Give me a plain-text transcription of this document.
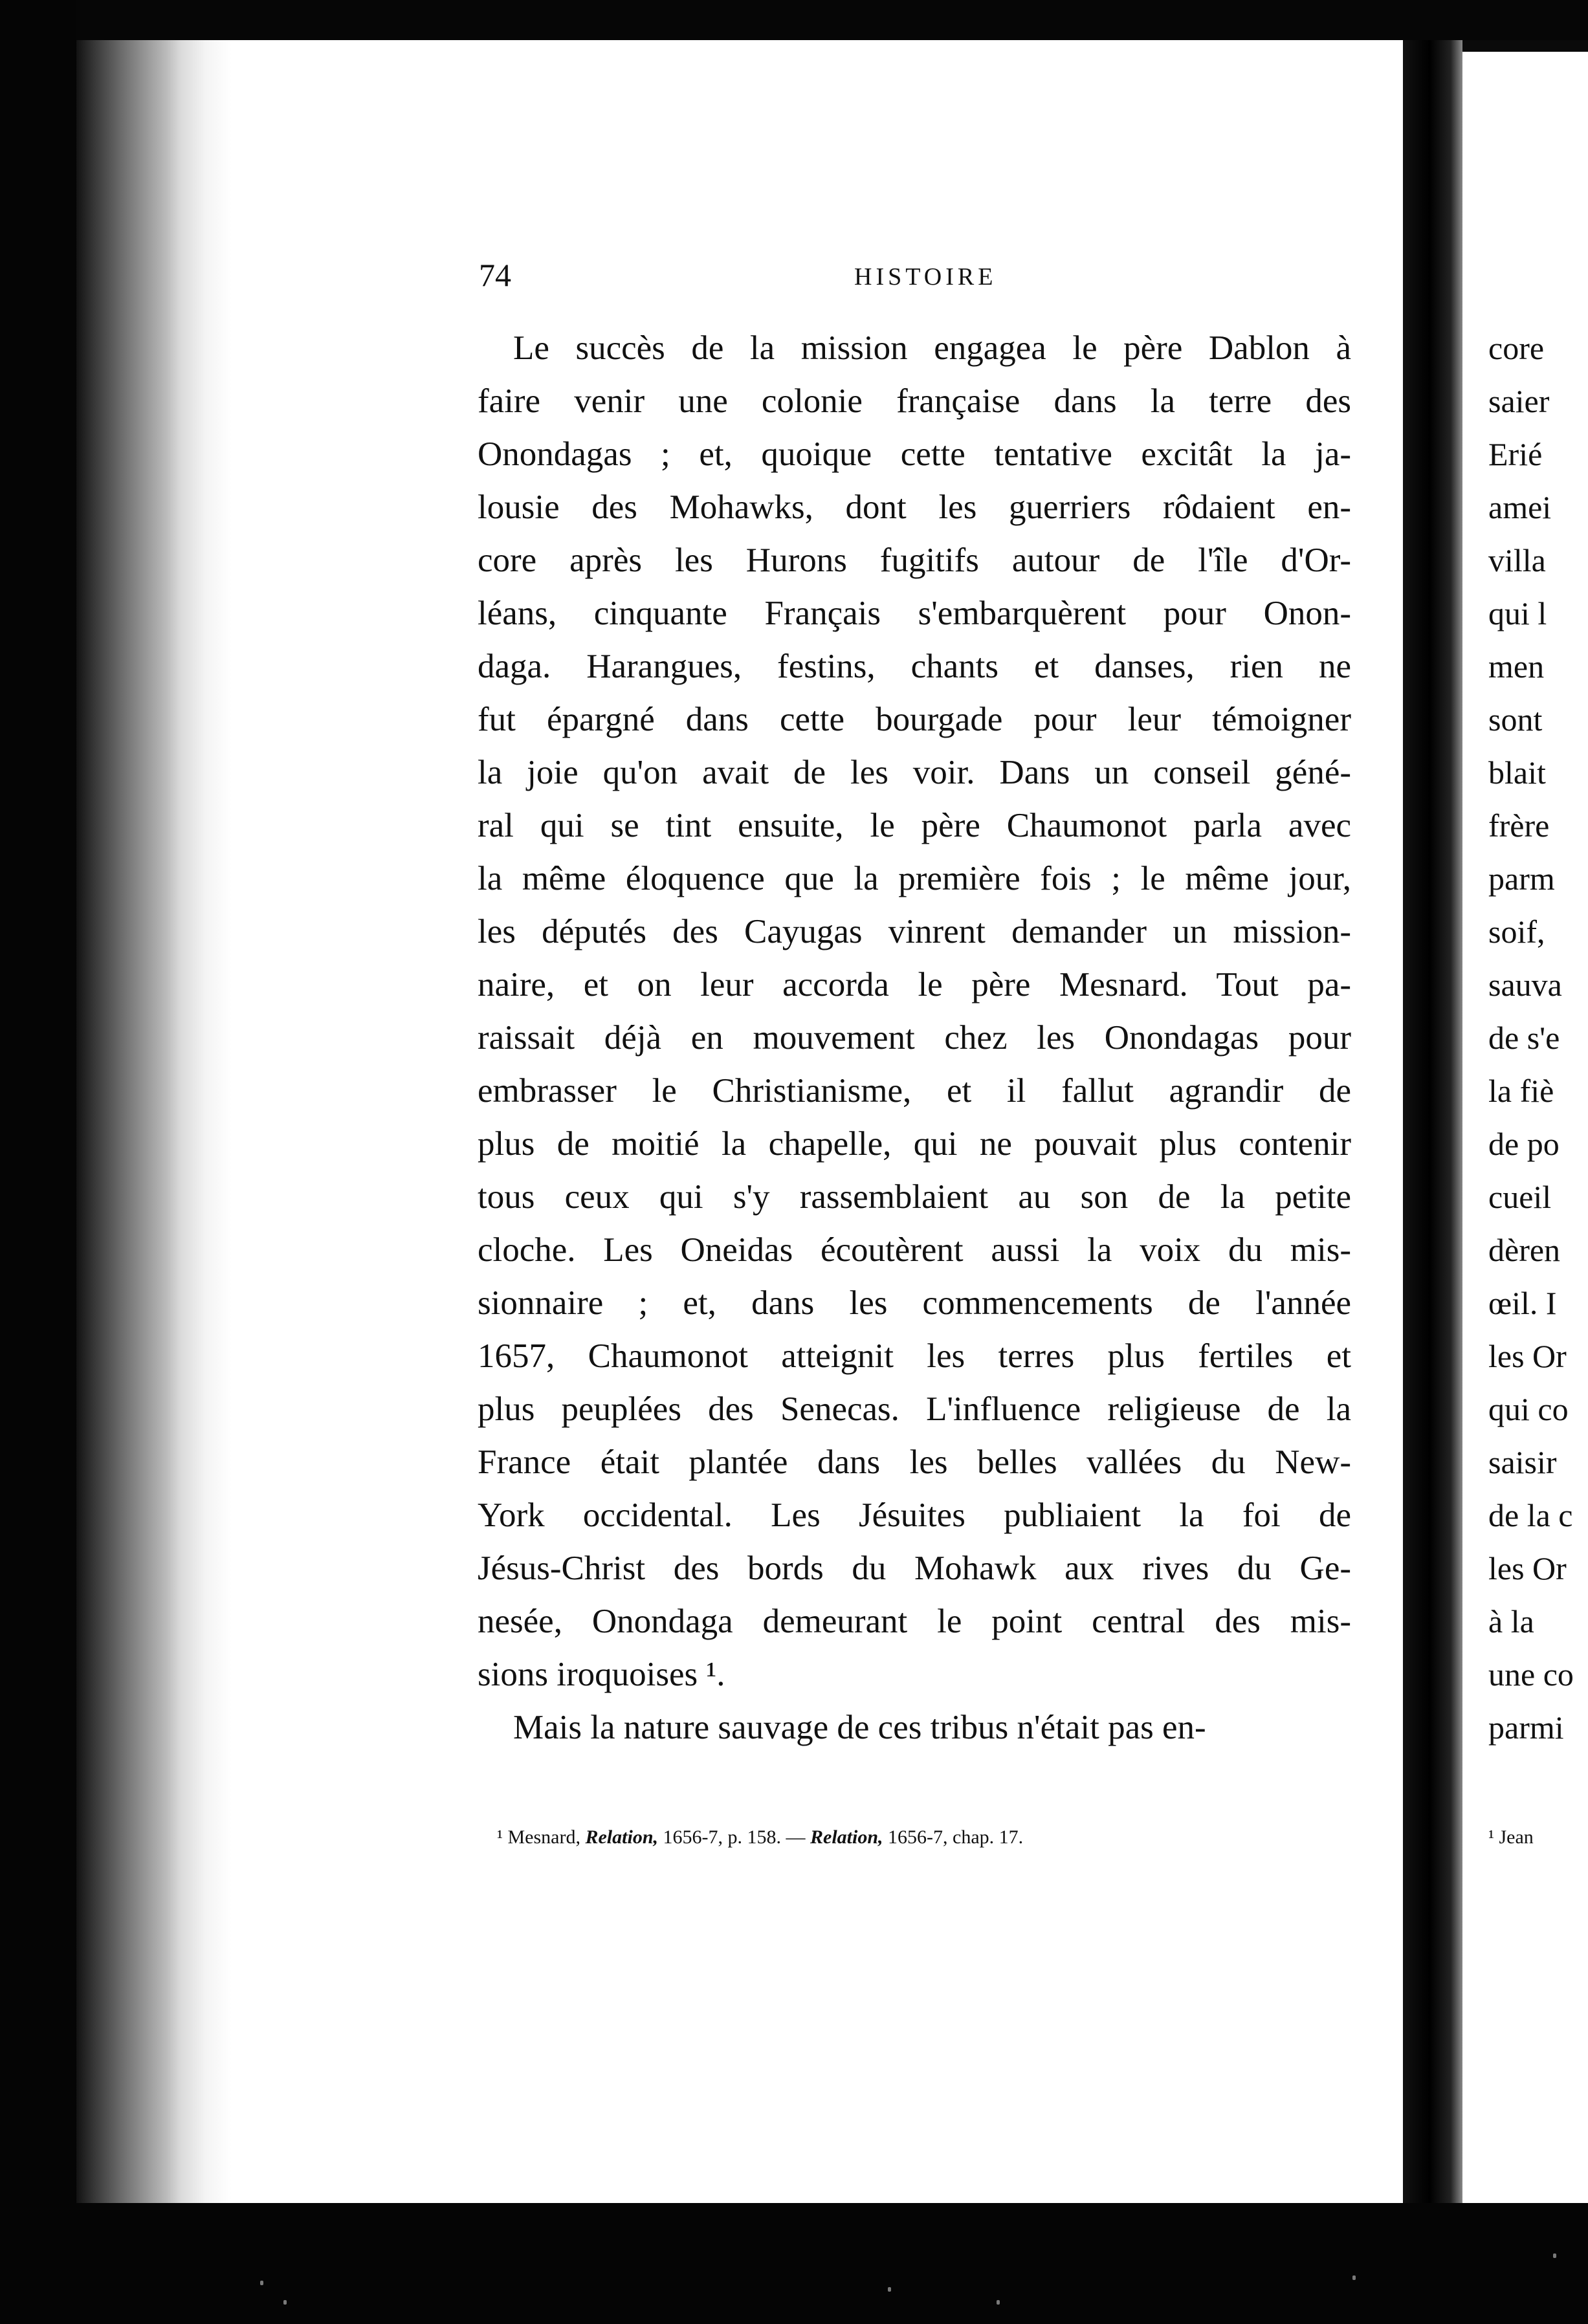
74	HISTOIRE
Le succès de la mission engagea le père Dablon à
faire venir une colonie française dans la terre des
Onondagas ; et, quoique cette tentative excitât la ja-
lousie des Mohawks, dont les guerriers rôdaient en-
core après les Hurons fugitifs autour de l'île d'Or-
léans, cinquante Français s'embarquèrent pour Onon-
daga. Harangues, festins, chants et danses, rien ne
fut épargné dans cette bourgade pour leur témoigner
la joie qu'on avait de les voir. Dans un conseil géné-
ral qui se tint ensuite, le père Chaumonot parla avec
la même éloquence que la première fois ; le même jour,
les députés des Cayugas vinrent demander un mission-
naire, et on leur accorda le père Mesnard. Tout pa-
raissait déjà en mouvement chez les Onondagas pour
embrasser le Christianisme, et il fallut agrandir de
plus de moitié la chapelle, qui ne pouvait plus contenir
tous ceux qui s'y rassemblaient au son de la petite
cloche. Les Oneidas écoutèrent aussi la voix du mis-
sionnaire ; et, dans les commencements de l'année
1657, Chaumonot atteignit les terres plus fertiles et
plus peuplées des Senecas. L'influence religieuse de la
France était plantée dans les belles vallées du New-
York occidental. Les Jésuites publiaient la foi de
Jésus-Christ des bords du Mohawk aux rives du Ge-
nesée, Onondaga demeurant le point central des mis-
sions iroquoises ¹.
Mais la nature sauvage de ces tribus n'était pas en-
¹ Mesnard, Relation, 1656-7, p. 158. — Relation, 1656-7, chap. 17.
core
saier
Erié
amei
villa
qui l
men
sont
blait
frère
parm
soif,
sauva
de s'e
la fiè
de po
cueil
dèren
œil. I
les Or
qui co
saisir
de la c
les Or
à la
une co
parmi
¹ Jean
